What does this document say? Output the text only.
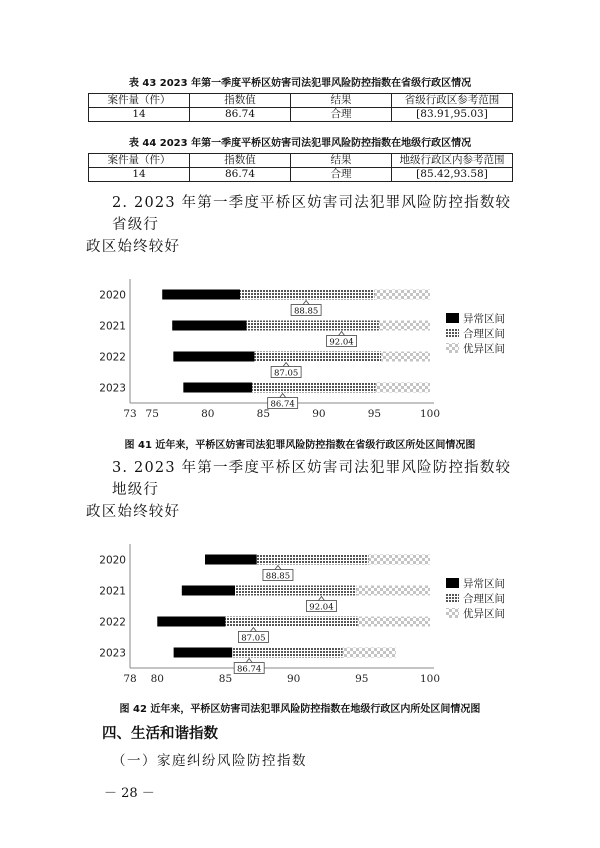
表 43 2023 年第一季度平桥区妨害司法犯罪风险防控指数在省级行政区情况
案件量（件）	指数值	结果	省级行政区参考范围
14	86.74	合理	[83.91,95.03]
表 44 2023 年第一季度平桥区妨害司法犯罪风险防控指数在地级行政区情况
案件量（件）	指数值	结果	地级行政区内参考范围
14	86.74	合理	[85.42,93.58]
2. 2023 年第一季度平桥区妨害司法犯罪风险防控指数较省级行
政区始终较好
2020
88.85
2021
92.04
2022
87.05
2023
86.74
73 75	80	85	90	95	100
异常区间
合理区间
优异区间
图 41 近年来，平桥区妨害司法犯罪风险防控指数在省级行政区所处区间情况图
3. 2023 年第一季度平桥区妨害司法犯罪风险防控指数较地级行
政区始终较好
2020
88.85
2021
92.04
2022
87.05
2023
86.74
78 80	85	90	95	100
异常区间
合理区间
优异区间
图 42 近年来，平桥区妨害司法犯罪风险防控指数在地级行政区内所处区间情况图
四、生活和谐指数
（一）家庭纠纷风险防控指数
－ 28 －
